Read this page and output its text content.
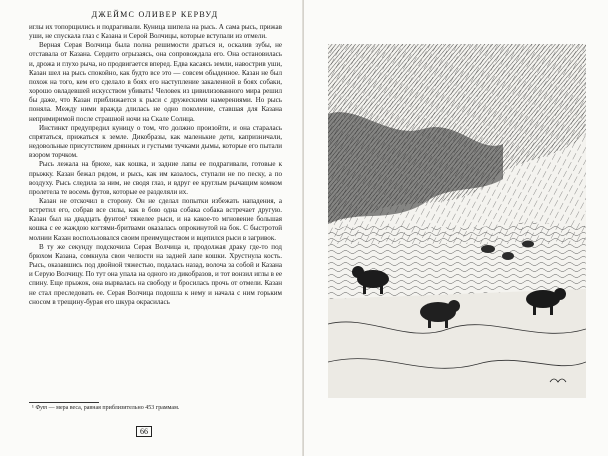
ДЖЕЙМС ОЛИВЕР КЕРВУД

иглы их топорщились и подрагивали. Куница шипела на рысь. А сама рысь, прижав уши, не спускала глаз с Казана и Серой Волчицы, которые вступали из отмели.

Верная Серая Волчица была полна решимости драться и, оскалив зубы, не отставала от Казана. Сердито огрызаясь, она сопровождала его. Она остановилась и, дрожа и глухо рыча, но продвигается вперед. Едва касаясь земли, навострив уши, Казан шел на рысь спокойно, как будто все это — совсем обыденное. Казан не был похож на того, кем его сделало в боях его наступление закаленной в боях собаки, хорошо овладевшей искусством убивать! Человек из цивилизованного мира решил бы даже, что Казан приближается к рыси с дружескими намерениями. Но рысь поняла. Между ними вражда длилась не одно поколение, ставшая для Казана непримиримой после страшной ночи на Скале Солнца.

Инстинкт предупредил куницу о том, что должно произойти, и она старалась спрятаться, прижаться к земле. Дикобразы, как маленькие дети, капризничали, недовольные присутствием дрянных и густыми тучками дымы, которые его пытали взором торчком.

Рысь лежала на брюхе, как кошка, и задние лапы ее подрагивали, готовые к прыжку. Казан бежал рядом, и рысь, как им казалось, ступали не по песку, а по воздуху. Рысь следила за ним, не сводя глаз, и вдруг ее круглым рычащим комком пролетела те восемь футов, которые ее разделяли их.

Казан не отскочил в сторону. Он не сделал попытки избежать нападения, а встретил его, собрав все силы, как в бою одна собака собака встречает другую. Казан был на двадцать фунтов¹ тяжелее рыси, и на какое-то мгновение большая кошка с ее жаждою когтями-бритвами оказалась опрокинутой на бок. С быстротой молнии Казан воспользовался своим преимуществом и вцепился рыси в загривок.

В ту же секунду подскочила Серая Волчица и, продолжая драку где-то под брюхом Казана, сомкнула свои челюсти на задней лапе кошки. Хрустнула кость. Рысь, оказавшись под двойной тяжестью, подалась назад, волоча за собой и Казана и Серую Волчицу. По тут она упала на одного из дикобразов, и тот вонзил иглы в ее спину. Еще прыжок, она вырвалась на свободу и бросилась прочь от отмели. Казан не стал преследовать ее. Серая Волчица подошла к нему и начала с ним горьким сносом в трещину-бурая его шкура окрасилась

¹ Фут — мера веса, равная приблизительно 453 граммам.
66
